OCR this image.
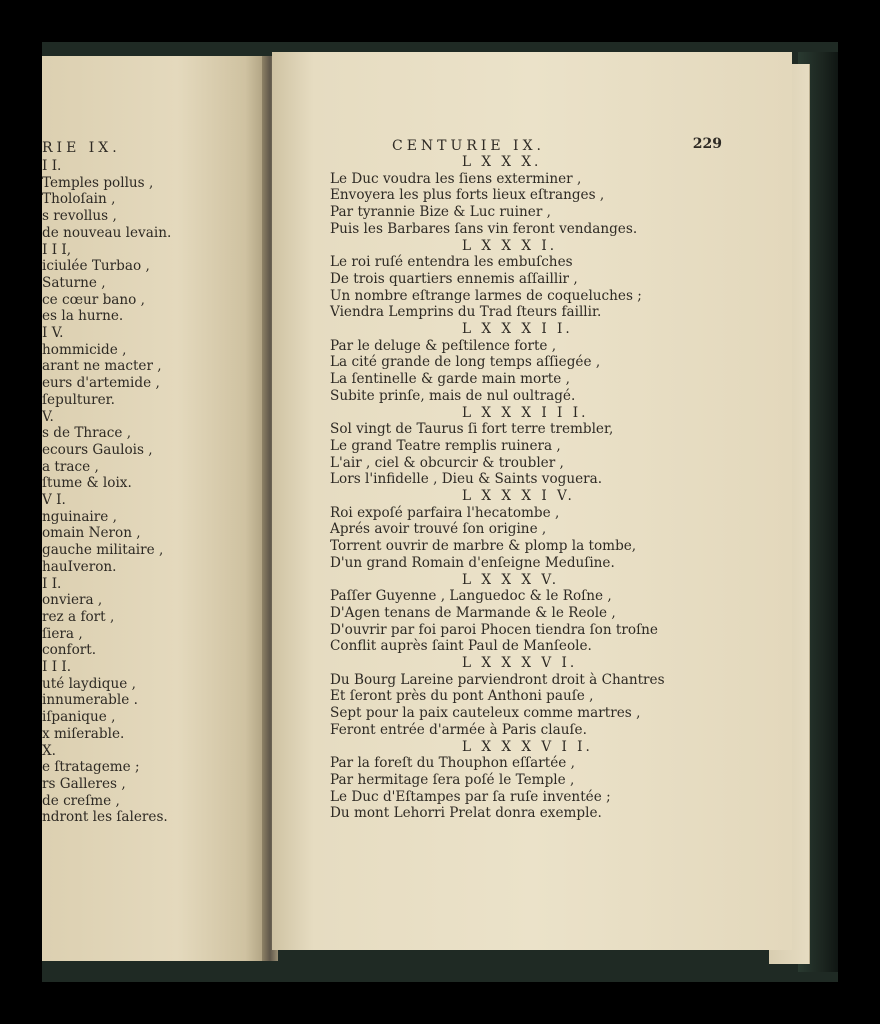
RIE IX.
I I.
Temples pollus ,
Tholoſain ,
s revollus ,
de nouveau levain.
I I I,
iciulée Turbao ,
Saturne ,
ce cœur bano ,
es la hurne.
I V.
hommicide ,
arant ne macter ,
eurs d'artemide ,
ſepulturer.
V.
s de Thrace ,
ecours Gaulois ,
a trace ,
ſtume & loix.
V I.
nguinaire ,
omain Neron ,
gauche militaire ,
hauIveron.
I I.
onviera ,
rez a fort ,
ſiera ,
confort.
I I I.
uté laydique ,
innumerable .
iſpanique ,
x miſerable.
X.
e ſtratageme ;
rs Galleres ,
de creſme ,
ndront les ſaleres.
CENTURIE IX.	229
L X X X.
Le Duc voudra les ſiens exterminer ,
Envoyera les plus forts lieux eſtranges ,
Par tyrannie Bize & Luc ruiner ,
Puis les Barbares ſans vin feront vendanges.
L X X X I.
Le roi ruſé entendra les embuſches
De trois quartiers ennemis aſſaillir ,
Un nombre eſtrange larmes de coqueluches ;
Viendra Lemprins du Trad ſteurs faillir.
L X X X I I.
Par le deluge & peſtilence forte ,
La cité grande de long temps aſſiegée ,
La ſentinelle & garde main morte ,
Subite prinſe, mais de nul oultragé.
L X X X I I I.
Sol vingt de Taurus ſi fort terre trembler,
Le grand Teatre remplis ruinera ,
L'air , ciel & obcurcir & troubler ,
Lors l'infidelle , Dieu & Saints voguera.
L X X X I V.
Roi expoſé parfaira l'hecatombe ,
Aprés avoir trouvé ſon origine ,
Torrent ouvrir de marbre & plomp la tombe,
D'un grand Romain d'enſeigne Meduſine.
L X X X V.
Paſſer Guyenne , Languedoc & le Roſne ,
D'Agen tenans de Marmande & le Reole ,
D'ouvrir par foi paroi Phocen tiendra ſon troſne
Conflit auprès ſaint Paul de Manſeole.
L X X X V I.
Du Bourg Lareine parviendront droit à Chantres
Et ſeront près du pont Anthoni pauſe ,
Sept pour la paix cauteleux comme martres ,
Feront entrée d'armée à Paris clauſe.
L X X X V I I.
Par la foreſt du Thouphon eſſartée ,
Par hermitage ſera poſé le Temple ,
Le Duc d'Eſtampes par ſa ruſe inventée ;
Du mont Lehorri Prelat donra exemple.
